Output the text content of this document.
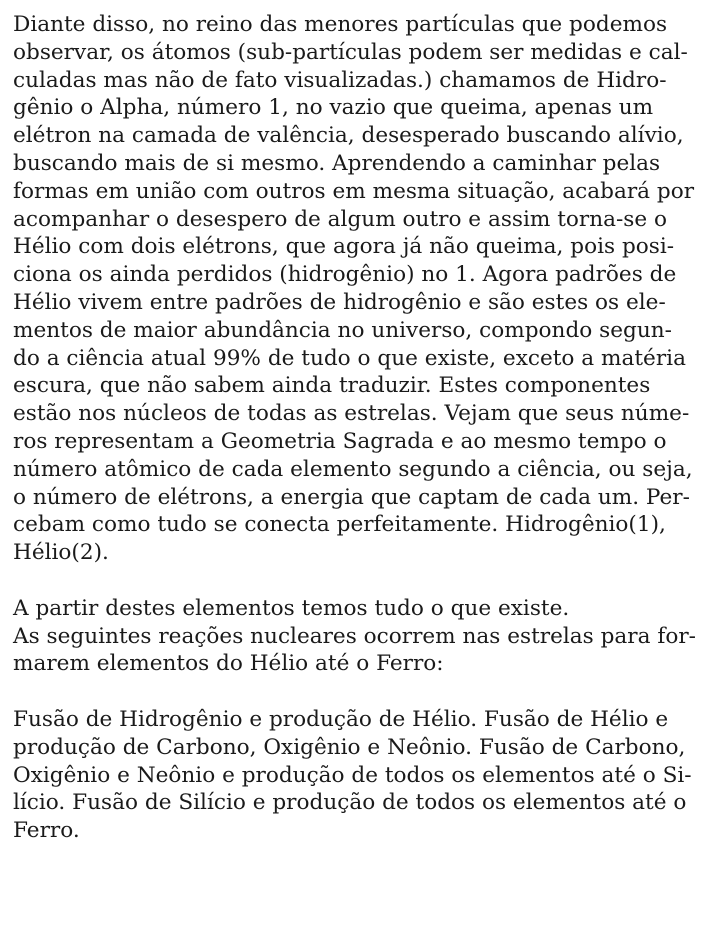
Diante disso, no reino das menores partículas que podemos
observar, os átomos (sub-partículas podem ser medidas e cal-
culadas mas não de fato visualizadas.) chamamos de Hidro-
gênio o Alpha, número 1, no vazio que queima, apenas um
elétron na camada de valência, desesperado buscando alívio,
buscando mais de si mesmo. Aprendendo a caminhar pelas
formas em união com outros em mesma situação, acabará por
acompanhar o desespero de algum outro e assim torna-se o
Hélio com dois elétrons, que agora já não queima, pois posi-
ciona os ainda perdidos (hidrogênio) no 1. Agora padrões de
Hélio vivem entre padrões de hidrogênio e são estes os ele-
mentos de maior abundância no universo, compondo segun-
do a ciência atual 99% de tudo o que existe, exceto a matéria
escura, que não sabem ainda traduzir. Estes componentes
estão nos núcleos de todas as estrelas. Vejam que seus núme-
ros representam a Geometria Sagrada e ao mesmo tempo o
número atômico de cada elemento segundo a ciência, ou seja,
o número de elétrons, a energia que captam de cada um. Per-
cebam como tudo se conecta perfeitamente. Hidrogênio(1),
Hélio(2).
A partir destes elementos temos tudo o que existe.
As seguintes reações nucleares ocorrem nas estrelas para for-
marem elementos do Hélio até o Ferro:
Fusão de Hidrogênio e produção de Hélio. Fusão de Hélio e
produção de Carbono, Oxigênio e Neônio. Fusão de Carbono,
Oxigênio e Neônio e produção de todos os elementos até o Si-
lício. Fusão de Silício e produção de todos os elementos até o
Ferro.
